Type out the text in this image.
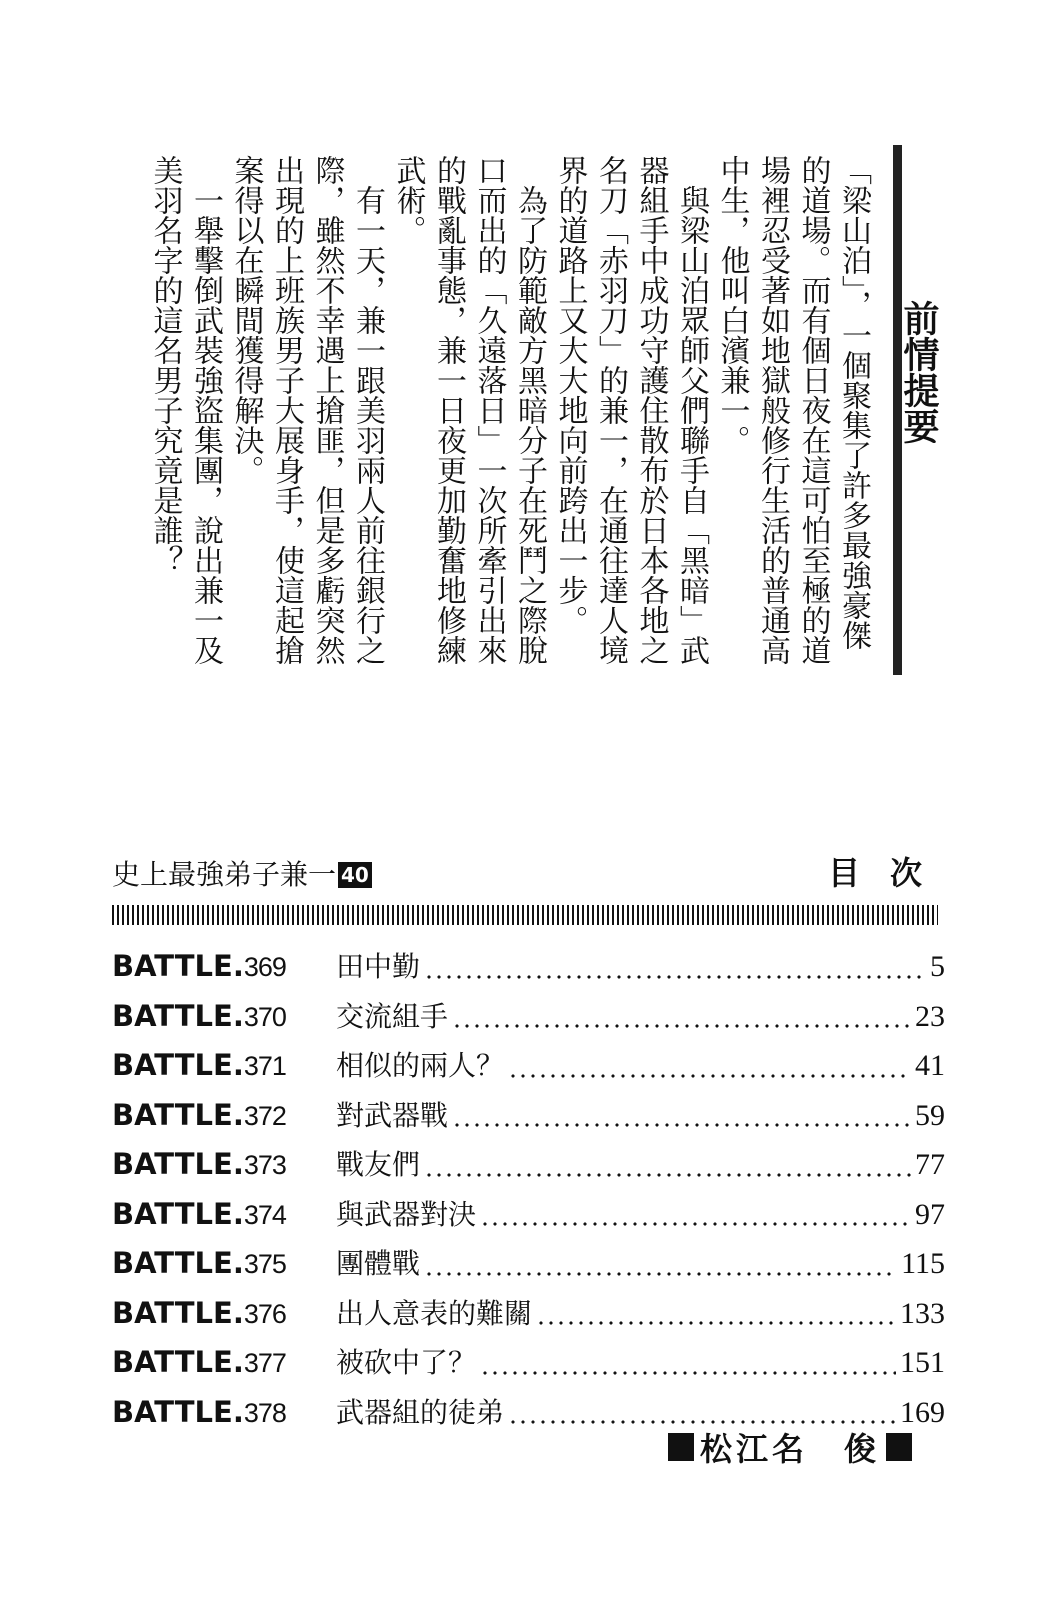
前情提要

「梁山泊」，一個聚集了許多最強豪傑的道場。而有個日夜在這可怕至極的道場裡忍受著如地獄般修行生活的普通高中生，他叫白濱兼一。

與梁山泊眾師父們聯手自「黑暗」武器組手中成功守護住散布於日本各地之名刀「赤羽刀」的兼一，在通往達人境界的道路上又大大地向前跨出一步。

為了防範敵方黑暗分子在死鬥之際脫口而出的「久遠落日」一次所牽引出來的戰亂事態，兼一日夜更加勤奮地修練武術。

有一天，兼一跟美羽兩人前往銀行之際，雖然不幸遇上搶匪，但是多虧突然出現的上班族男子大展身手，使這起搶案得以在瞬間獲得解決。

一舉擊倒武裝強盜集團，說出兼一及美羽名字的這名男子究竟是誰？

史上最強弟子兼一 40	目次
BATTLE.369	田中勤	5
BATTLE.370	交流組手	23
BATTLE.371	相似的兩人？	41
BATTLE.372	對武器戰	59
BATTLE.373	戰友們	77
BATTLE.374	與武器對決	97
BATTLE.375	團體戰	115
BATTLE.376	出人意表的難關	133
BATTLE.377	被砍中了？	151
BATTLE.378	武器組的徒弟	169
松江名　俊
